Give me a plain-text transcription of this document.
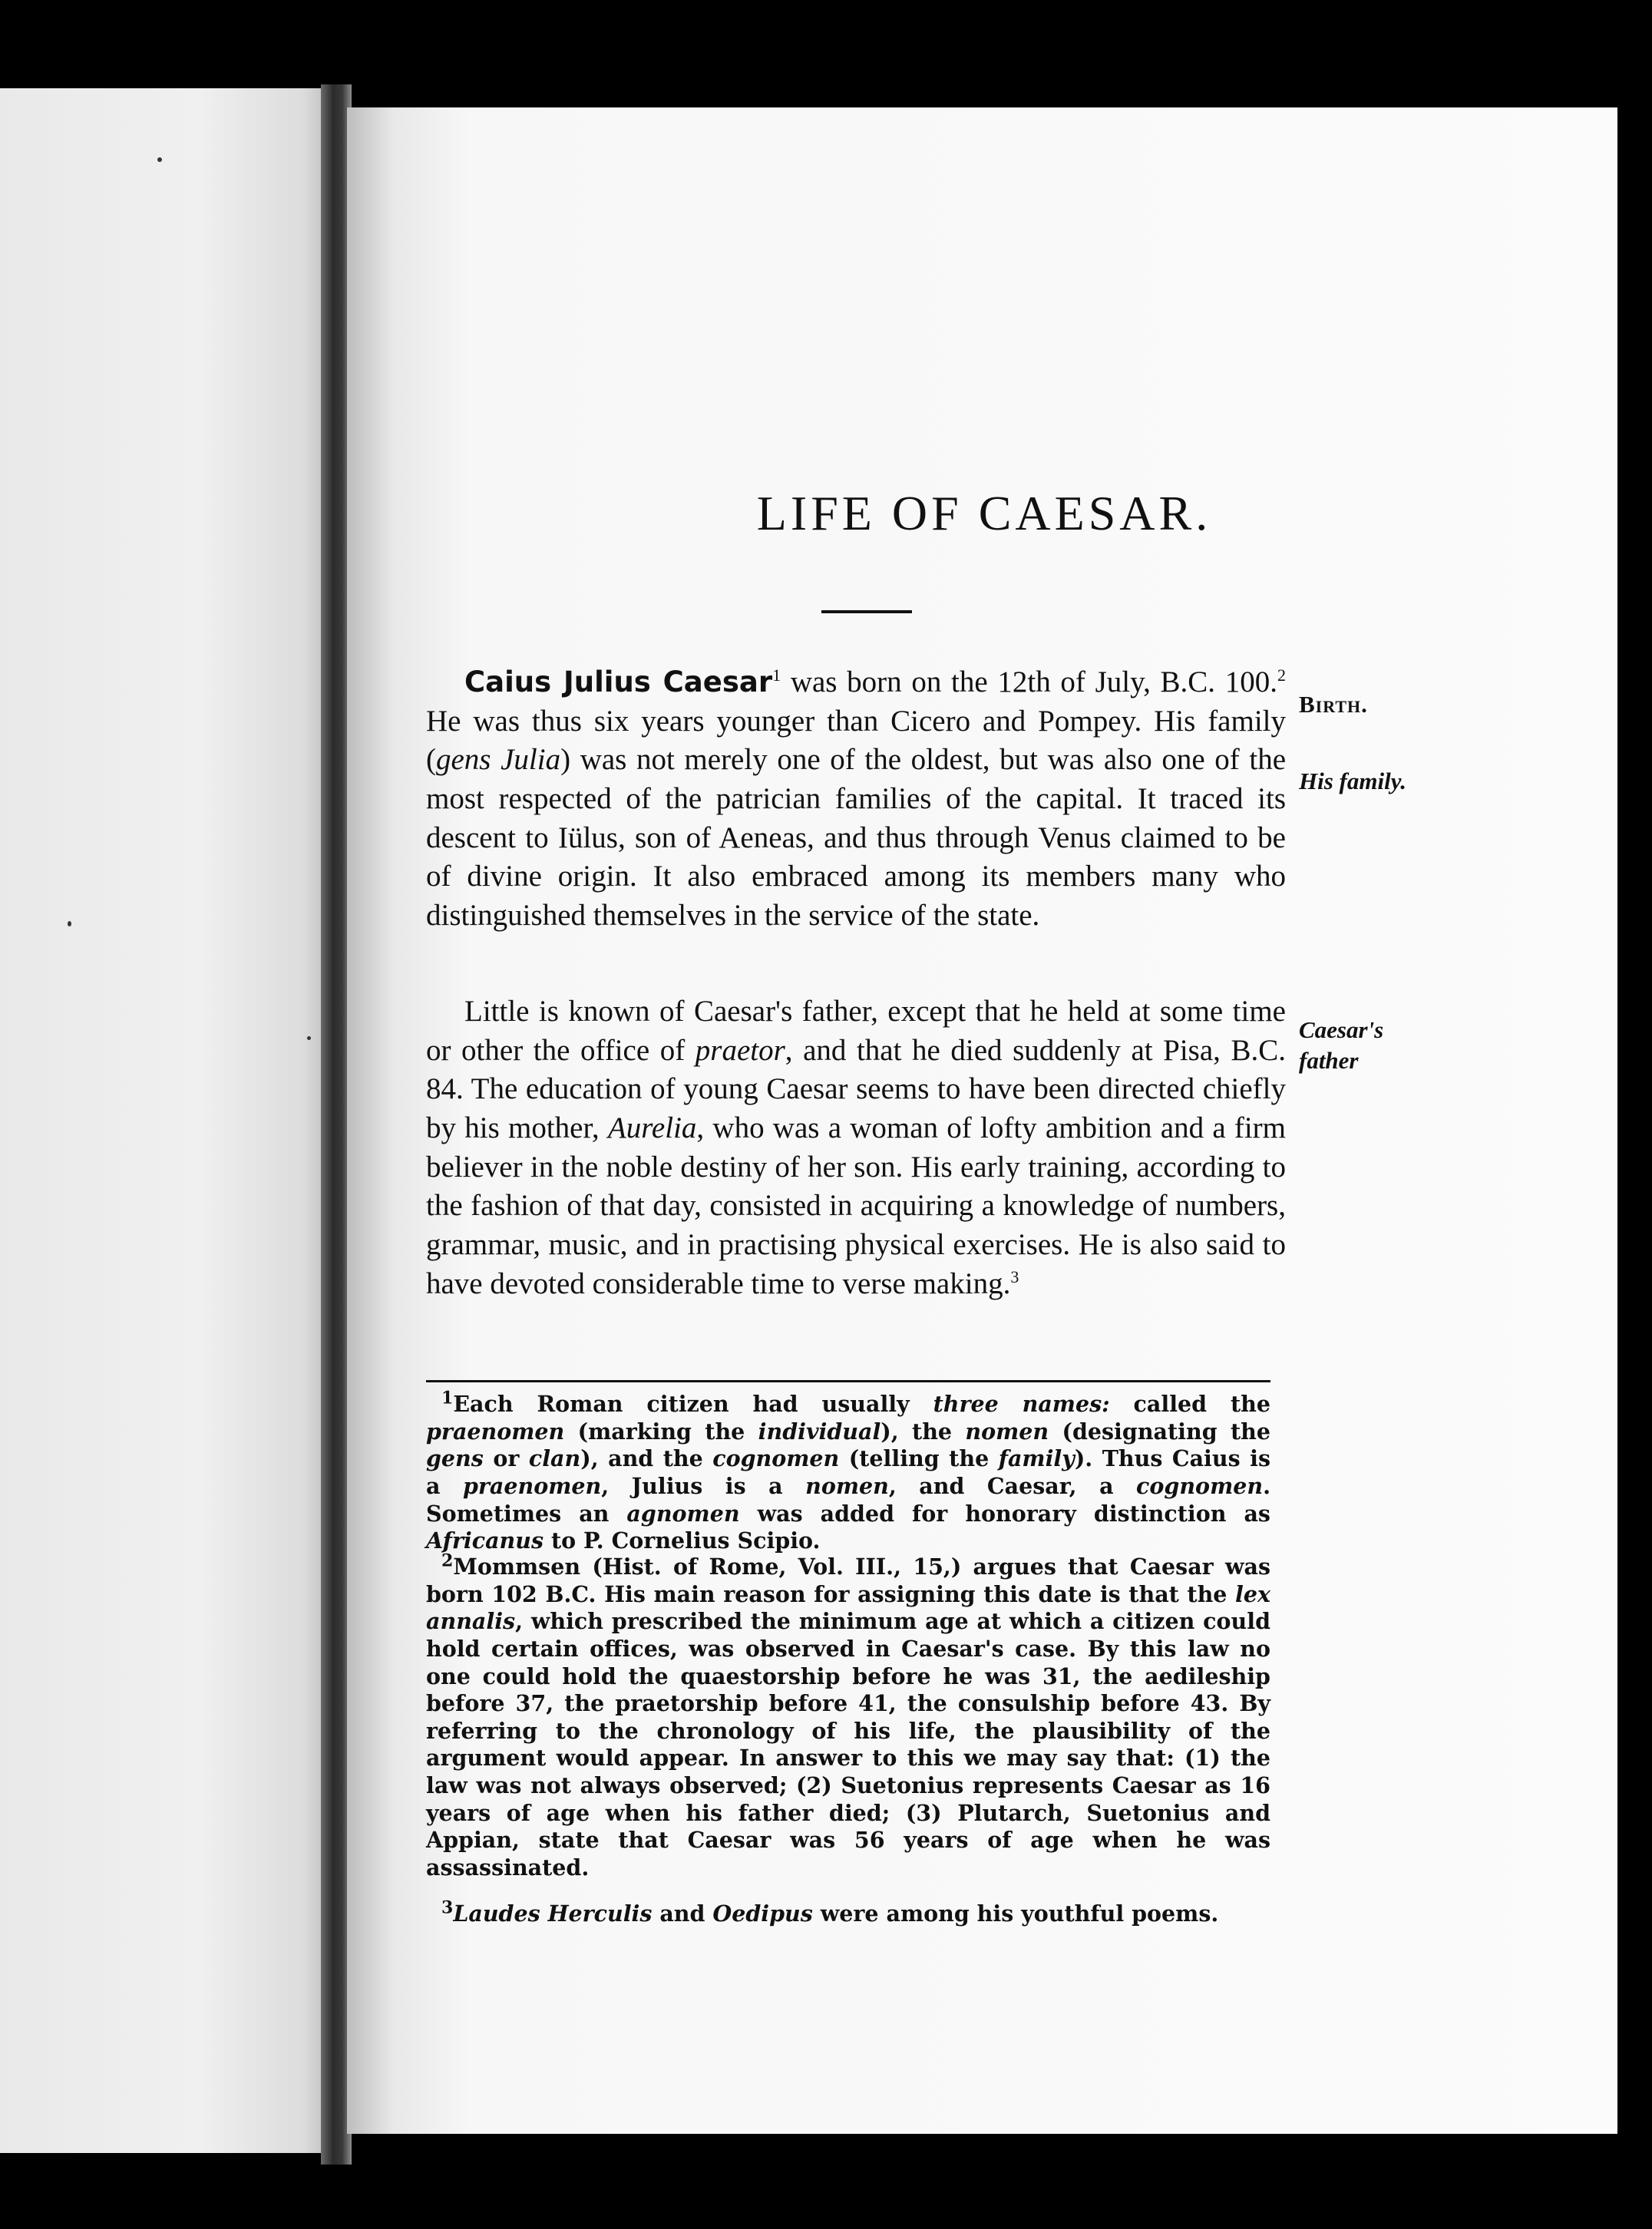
LIFE OF CAESAR.

Caius Julius Caesar$^1$ was born on the 12th of July, B.C. 100.$^2$ He was thus six years younger than Cicero and Pompey. His family (gens Julia) was not merely one of the oldest, but was also one of the most respected of the patrician families of the capital. It traced its descent to Iülus, son of Aeneas, and thus through Venus claimed to be of divine origin. It also embraced among its members many who distinguished themselves in the service of the state.

Little is known of Caesar's father, except that he held at some time or other the office of praetor, and that he died suddenly at Pisa, B.C. 84. The education of young Caesar seems to have been directed chiefly by his mother, Aurelia, who was a woman of lofty ambition and a firm believer in the noble destiny of her son. His early training, according to the fashion of that day, consisted in acquiring a knowledge of numbers, grammar, music, and in practising physical exercises. He is also said to have devoted considerable time to verse making.$^3$

Birth.
His family.
Caesar's
father

$^1$Each Roman citizen had usually three names: called the praenomen (marking the individual), the nomen (designating the gens or clan), and the cognomen (telling the family). Thus Caius is a praenomen, Julius is a nomen, and Caesar, a cognomen. Sometimes an agnomen was added for honorary distinction as Africanus to P. Cornelius Scipio.

$^2$Mommsen (Hist. of Rome, Vol. III., 15,) argues that Caesar was born 102 B.C. His main reason for assigning this date is that the lex annalis, which prescribed the minimum age at which a citizen could hold certain offices, was observed in Caesar's case. By this law no one could hold the quaestorship before he was 31, the aedileship before 37, the praetorship before 41, the consulship before 43. By referring to the chronology of his life, the plausibility of the argument would appear. In answer to this we may say that: (1) the law was not always observed; (2) Suetonius represents Caesar as 16 years of age when his father died; (3) Plutarch, Suetonius and Appian, state that Caesar was 56 years of age when he was assassinated.

$^3$Laudes Herculis and Oedipus were among his youthful poems.
